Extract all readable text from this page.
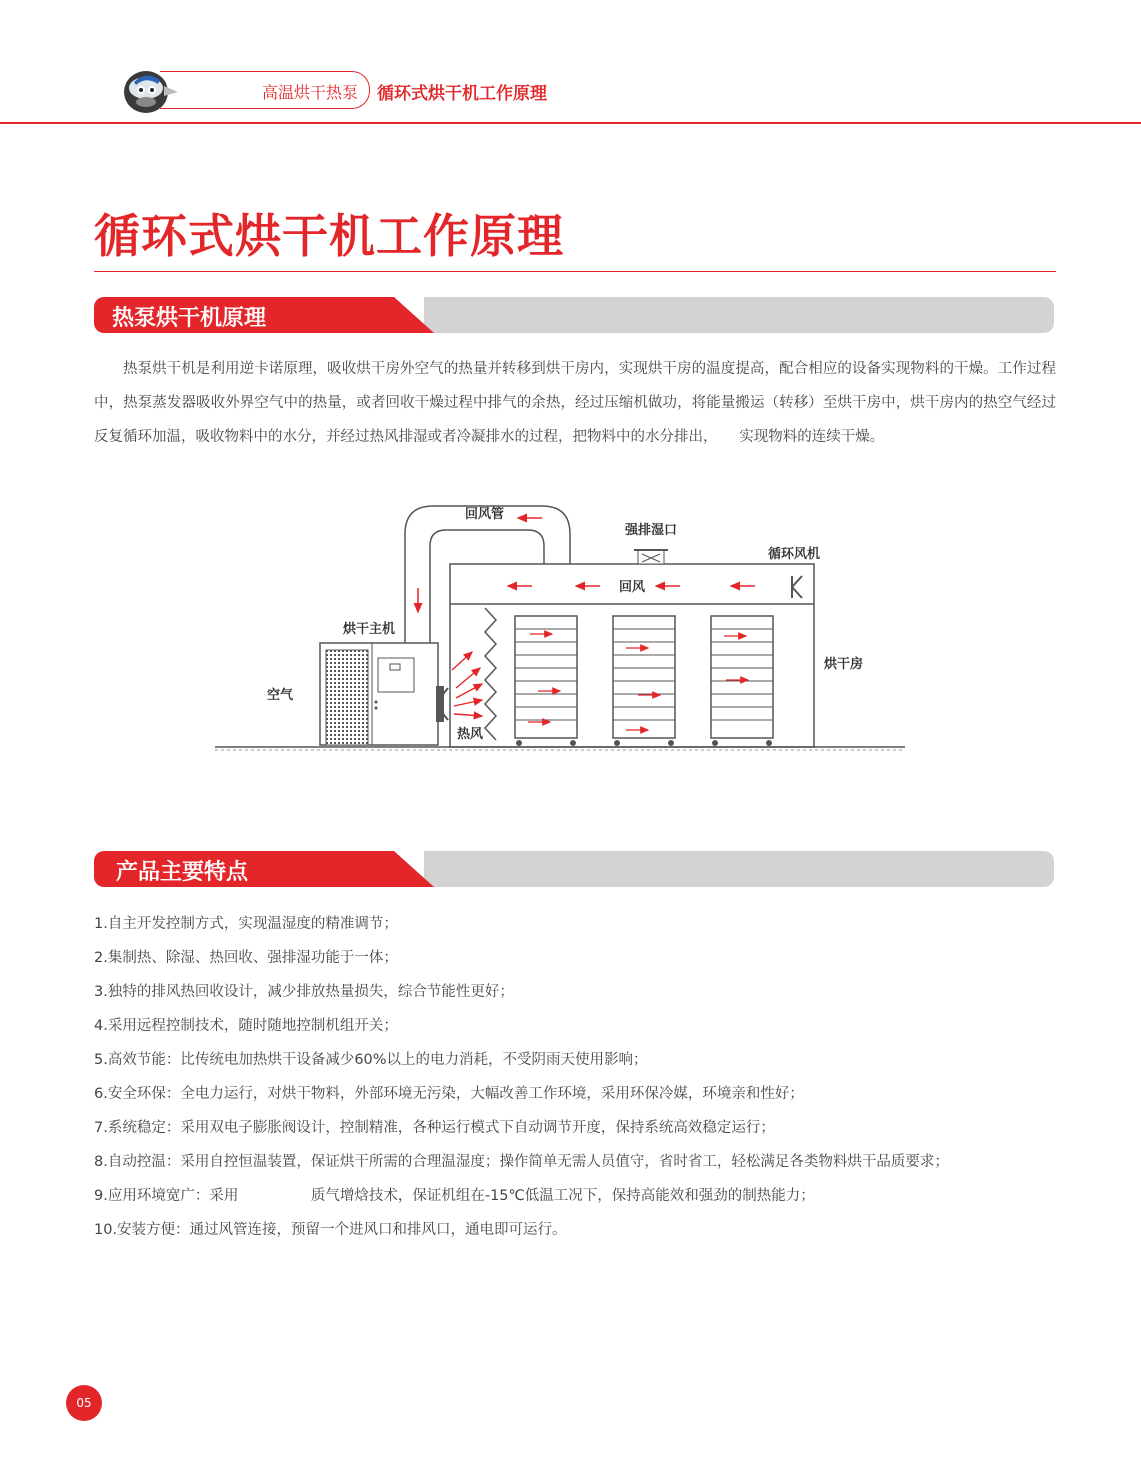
高温烘干热泵 循环式烘干机工作原理
循环式烘干机工作原理
热泵烘干机原理
热泵烘干机是利用逆卡诺原理，吸收烘干房外空气的热量并转移到烘干房内，实现烘干房的温度提高，配合相应的设备实现物料的干燥。工作过程中，热泵蒸发器吸收外界空气中的热量，或者回收干燥过程中排气的余热，经过压缩机做功，将能量搬运（转移）至烘干房中，烘干房内的热空气经过反复循环加温，吸收物料中的水分，并经过热风排湿或者冷凝排水的过程，把物料中的水分排出，　　实现物料的连续干燥。
回风管
强排湿口
循环风机
回风
烘干主机
烘干房
空气
热风
产品主要特点
1.自主开发控制方式，实现温湿度的精准调节；
2.集制热、除湿、热回收、强排湿功能于一体；
3.独特的排风热回收设计，减少排放热量损失，综合节能性更好；
4.采用远程控制技术，随时随地控制机组开关；
5.高效节能：比传统电加热烘干设备减少60%以上的电力消耗，不受阴雨天使用影响；
6.安全环保：全电力运行，对烘干物料，外部环境无污染，大幅改善工作环境，采用环保冷媒，环境亲和性好；
7.系统稳定：采用双电子膨胀阀设计，控制精准，各种运行模式下自动调节开度，保持系统高效稳定运行；
8.自动控温：采用自控恒温装置，保证烘干所需的合理温湿度；操作简单无需人员值守，省时省工，轻松满足各类物料烘干品质要求；
9.应用环境宽广：采用　　　　　质气增焓技术，保证机组在-15℃低温工况下，保持高能效和强劲的制热能力；
10.安装方便：通过风管连接，预留一个进风口和排风口，通电即可运行。
05
